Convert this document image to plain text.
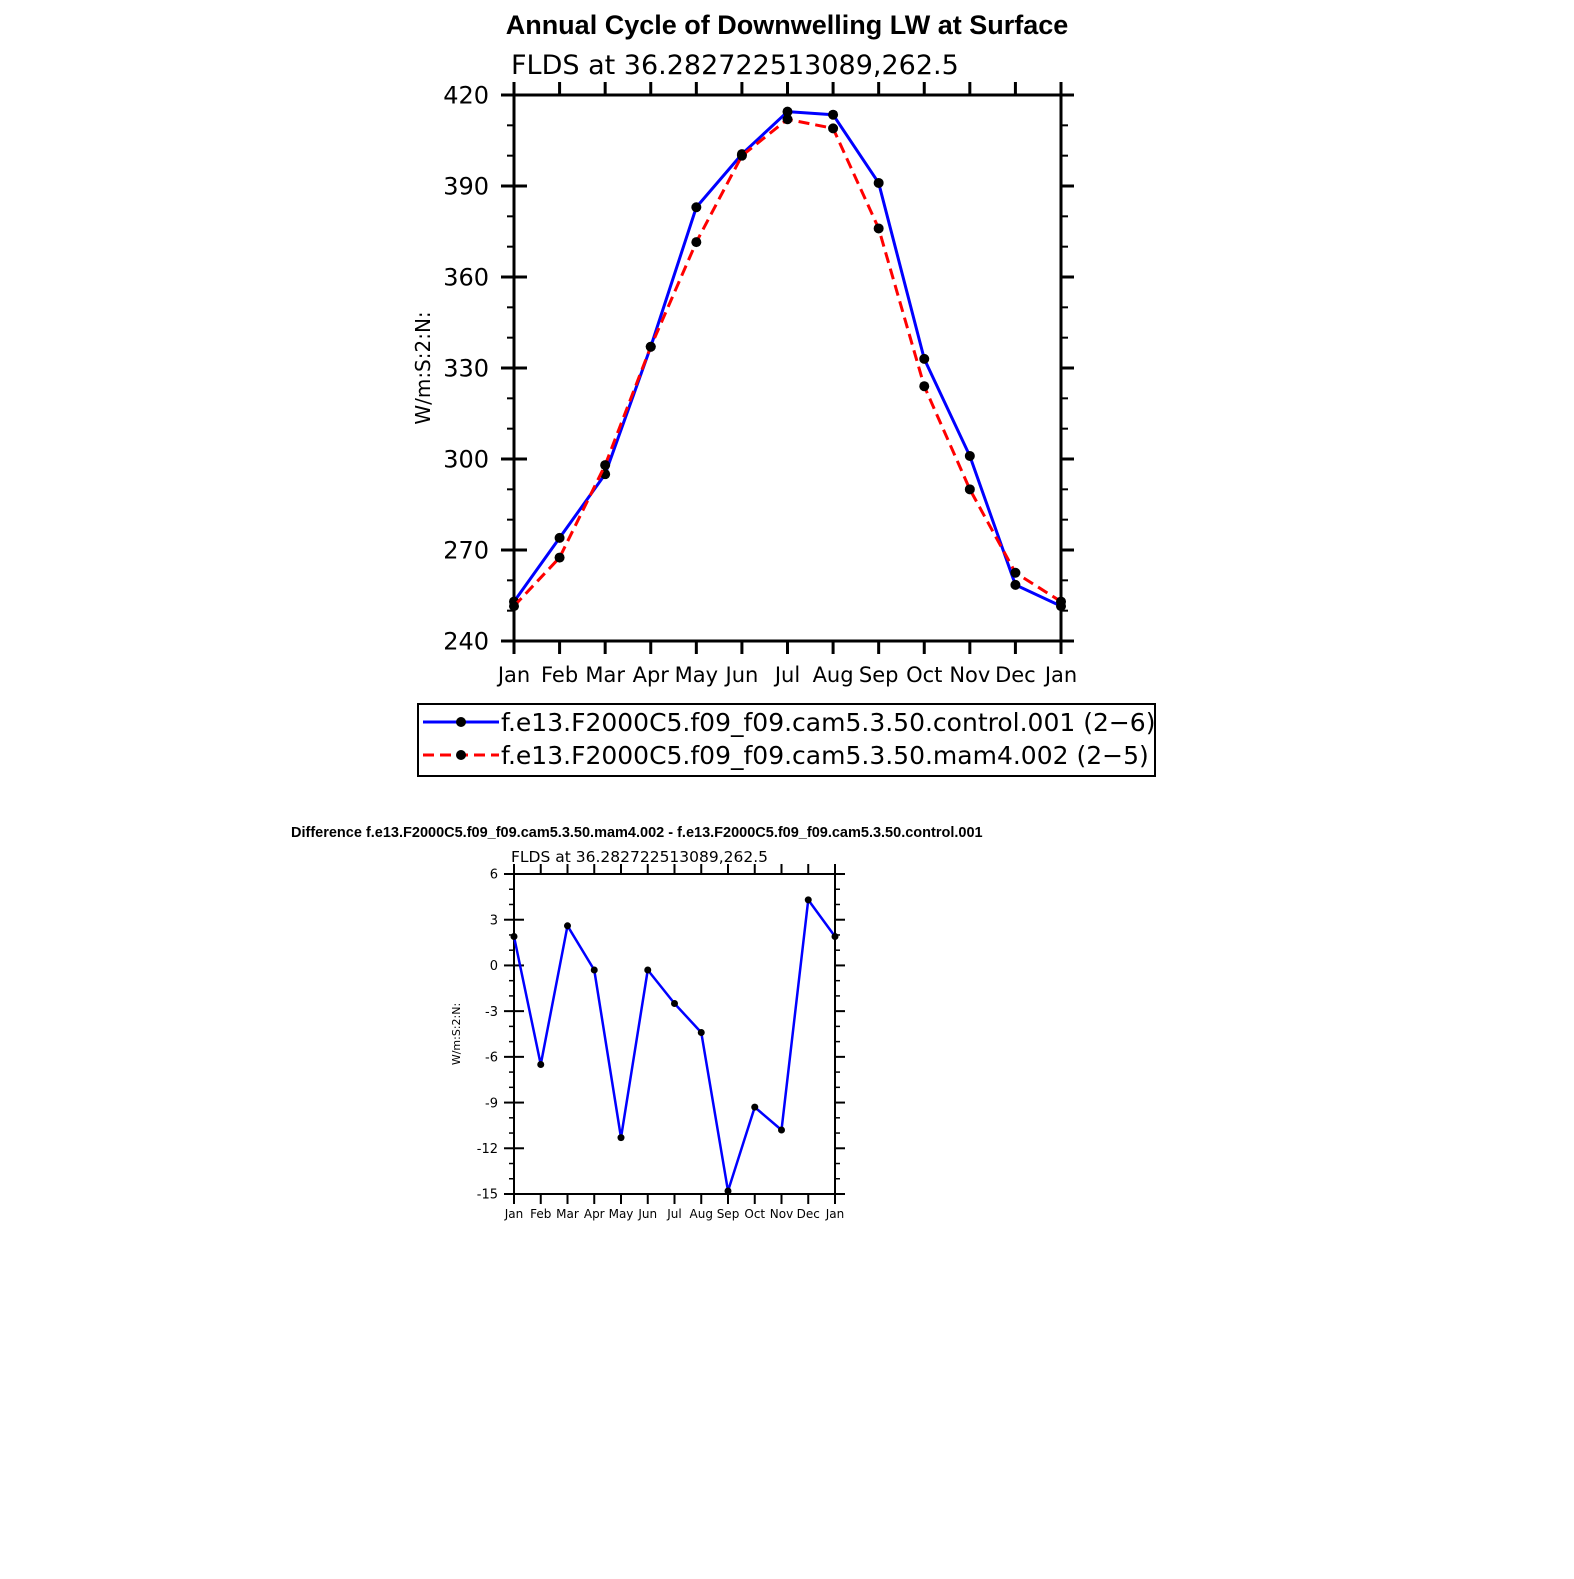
Annual Cycle of Downwelling LW at Surface
FLDS at 36.282722513089,262.5
Jan Feb Mar Apr May Jun Jul Aug Sep Oct Nov Dec Jan
240
270
300
330
360
390
420
W/m:S:2:N:
f.e13.F2000C5.f09_f09.cam5.3.50.control.001 (2−6)
f.e13.F2000C5.f09_f09.cam5.3.50.mam4.002 (2−5)
Difference f.e13.F2000C5.f09_f09.cam5.3.50.mam4.002 - f.e13.F2000C5.f09_f09.cam5.3.50.control.001
FLDS at 36.282722513089,262.5
Jan Feb Mar Apr May Jun Jul Aug Sep Oct Nov Dec Jan
-15
-12
-9
-6
-3
0
3
6
W/m:S:2:N:
